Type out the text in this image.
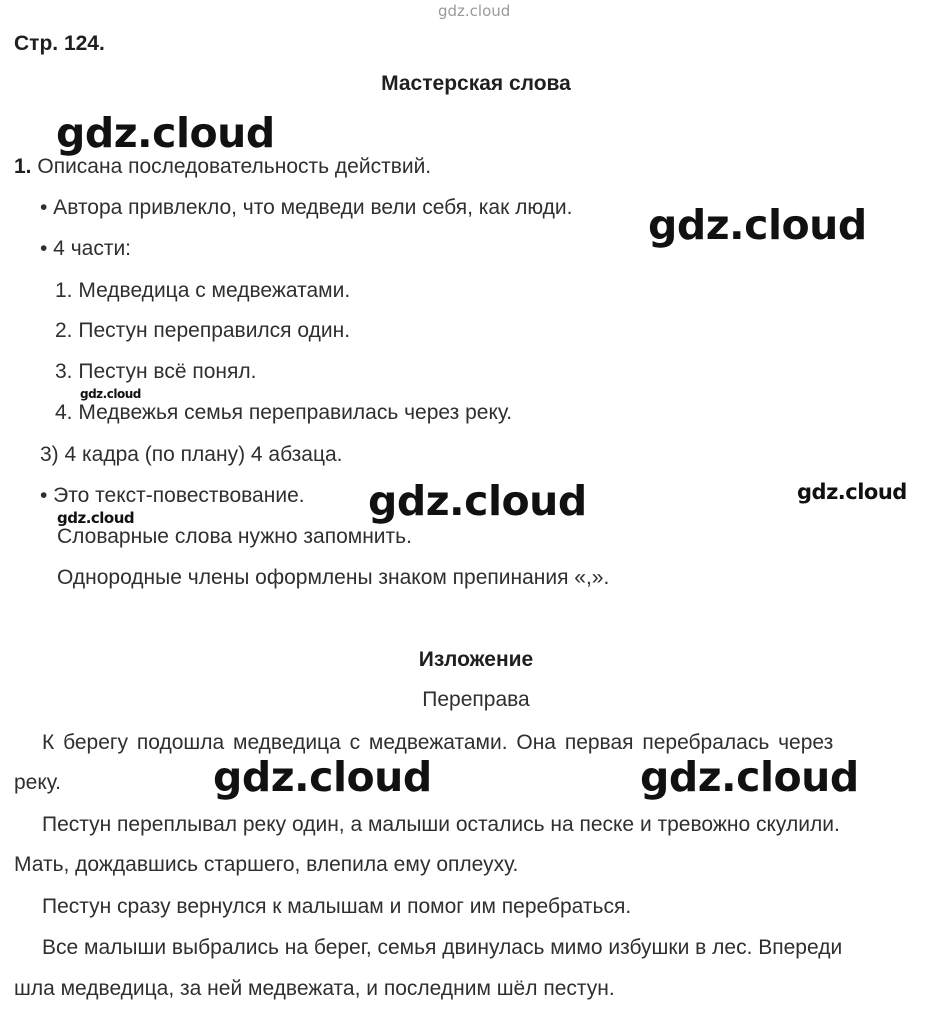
gdz.cloud
Стр. 124.
Мастерская слова
1. Описана последовательность действий.
• Автора привлекло, что медведи вели себя, как люди.
• 4 части:
1. Медведица с медвежатами.
2. Пестун переправился один.
3. Пестун всё понял.
4. Медвежья семья переправилась через реку.
3) 4 кадра (по плану) 4 абзаца.
• Это текст-повествование.
Словарные слова нужно запомнить.
Однородные члены оформлены знаком препинания «,».
Изложение
Переправа
К берегу подошла медведица с медвежатами. Она первая перебралась через
реку.
Пестун переплывал реку один, а малыши остались на песке и тревожно скулили.
Мать, дождавшись старшего, влепила ему оплеуху.
Пестун сразу вернулся к малышам и помог им перебраться.
Все малыши выбрались на берег, семья двинулась мимо избушки в лес. Впереди
шла медведица, за ней медвежата, и последним шёл пестун.
gdz.cloud
gdz.cloud
gdz.cloud
gdz.cloud	gdz.cloud
gdz.cloud
gdz.cloud	gdz.cloud
